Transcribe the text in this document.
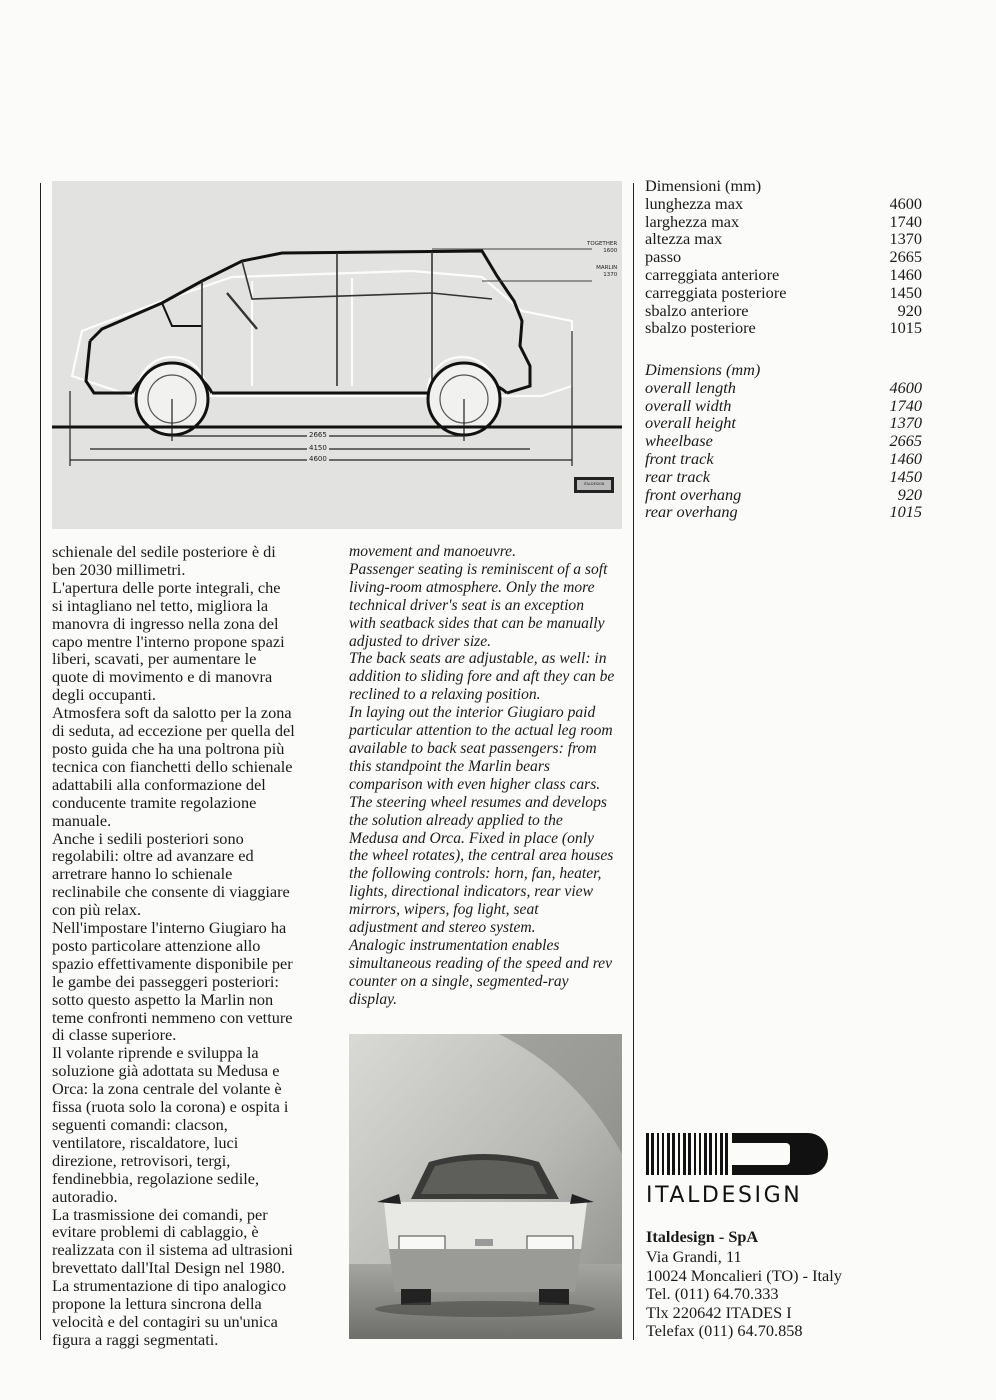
TOGETHER
1600
MARLIN
1370
2665
4150
4600
ITALDESIGN
schienale del sedile posteriore è di
ben 2030 millimetri.
L'apertura delle porte integrali, che
si intagliano nel tetto, migliora la
manovra di ingresso nella zona del
capo mentre l'interno propone spazi
liberi, scavati, per aumentare le
quote di movimento e di manovra
degli occupanti.
Atmosfera soft da salotto per la zona
di seduta, ad eccezione per quella del
posto guida che ha una poltrona più
tecnica con fianchetti dello schienale
adattabili alla conformazione del
conducente tramite regolazione
manuale.
Anche i sedili posteriori sono
regolabili: oltre ad avanzare ed
arretrare hanno lo schienale
reclinabile che consente di viaggiare
con più relax.
Nell'impostare l'interno Giugiaro ha
posto particolare attenzione allo
spazio effettivamente disponibile per
le gambe dei passeggeri posteriori:
sotto questo aspetto la Marlin non
teme confronti nemmeno con vetture
di classe superiore.
Il volante riprende e sviluppa la
soluzione già adottata su Medusa e
Orca: la zona centrale del volante è
fissa (ruota solo la corona) e ospita i
seguenti comandi: clacson,
ventilatore, riscaldatore, luci
direzione, retrovisori, tergi,
fendinebbia, regolazione sedile,
autoradio.
La trasmissione dei comandi, per
evitare problemi di cablaggio, è
realizzata con il sistema ad ultrasioni
brevettato dall'Ital Design nel 1980.
La strumentazione di tipo analogico
propone la lettura sincrona della
velocità e del contagiri su un'unica
figura a raggi segmentati.
movement and manoeuvre.
Passenger seating is reminiscent of a soft
living-room atmosphere. Only the more
technical driver's seat is an exception
with seatback sides that can be manually
adjusted to driver size.
The back seats are adjustable, as well: in
addition to sliding fore and aft they can be
reclined to a relaxing position.
In laying out the interior Giugiaro paid
particular attention to the actual leg room
available to back seat passengers: from
this standpoint the Marlin bears
comparison with even higher class cars.
The steering wheel resumes and develops
the solution already applied to the
Medusa and Orca. Fixed in place (only
the wheel rotates), the central area houses
the following controls: horn, fan, heater,
lights, directional indicators, rear view
mirrors, wipers, fog light, seat
adjustment and stereo system.
Analogic instrumentation enables
simultaneous reading of the speed and rev
counter on a single, segmented-ray
display.
Dimensioni (mm)
lunghezza max	4600
larghezza max	1740
altezza max	1370
passo	2665
carreggiata anteriore	1460
carreggiata posteriore	1450
sbalzo anteriore	920
sbalzo posteriore	1015
Dimensions (mm)
overall length	4600
overall width	1740
overall height	1370
wheelbase	2665
front track	1460
rear track	1450
front overhang	920
rear overhang	1015
ITALDESIGN
Italdesign - SpA
Via Grandi, 11
10024 Moncalieri (TO) - Italy
Tel. (011) 64.70.333
Tlx 220642 ITADES I
Telefax (011) 64.70.858
